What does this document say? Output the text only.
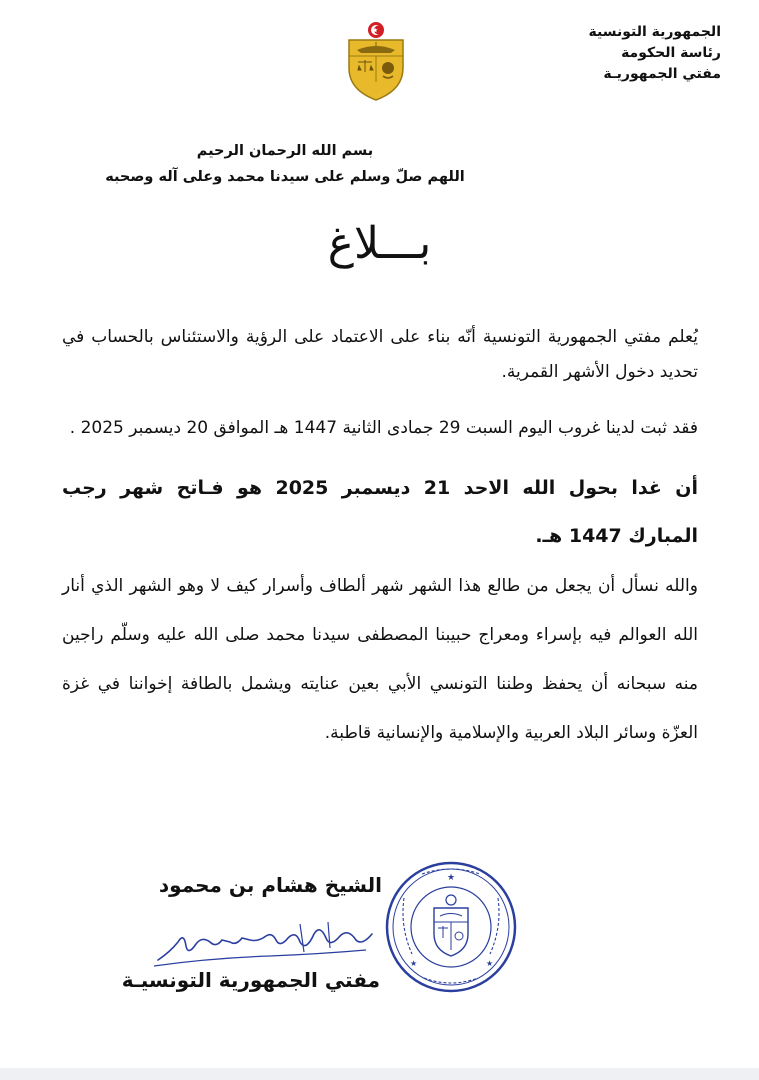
الجمهورية التونسية
رئاسة الحكومة
مفتي الجمهوريـة
بسم الله الرحمان الرحيم
اللهم صلّ وسلم على سيدنا محمد وعلى آله وصحبه
بـــلاغ

يُعلم مفتي الجمهورية التونسية أنّه بناء على الاعتماد على الرؤية والاستئناس بالحساب في تحديد دخول الأشهر القمرية.

فقد ثبت لدينا غروب اليوم السبت 29 جمادى الثانية 1447 هـ الموافق 20 ديسمبر 2025 .

أن غدا بحول الله الاحد 21 ديسمبر 2025 هو فـاتح شهر رجب المبارك 1447 هـ.

والله نسأل أن يجعل من طالع هذا الشهر شهر ألطاف وأسرار كيف لا وهو الشهر الذي أنار الله العوالم فيه بإسراء ومعراج حبيبنا المصطفى سيدنا محمد صلى الله عليه وسلّم راجين منه سبحانه أن يحفظ وطننا التونسي الأبي بعين عنايته ويشمل بالطافة إخواننا في غزة العزّة وسائر البلاد العربية والإسلامية والإنسانية قاطبة.

الشيخ هشام بن محمود
مفتي الجمهورية التونسيـة
★
★	★
